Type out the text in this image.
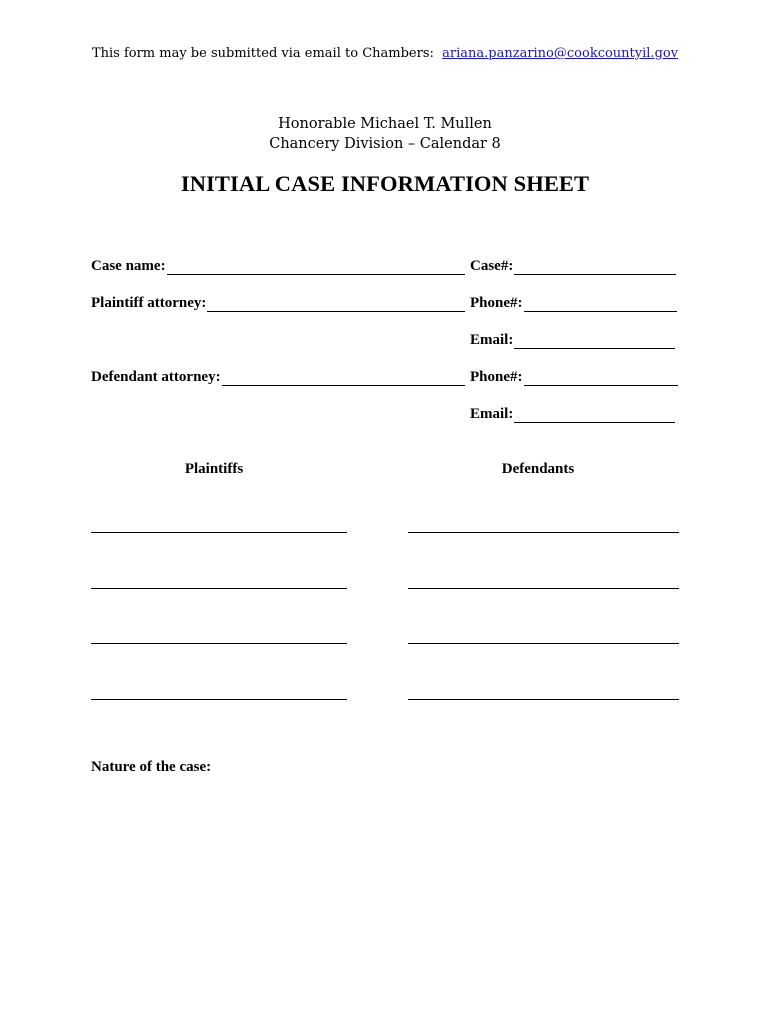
This form may be submitted via email to Chambers: ariana.panzarino@cookcountyil.gov
Honorable Michael T. Mullen
Chancery Division – Calendar 8
INITIAL CASE INFORMATION SHEET
Case name:	Case#:
Plaintiff attorney:	Phone#:
Email:
Defendant attorney:	Phone#:
Email:
Plaintiffs	Defendants
Nature of the case:
